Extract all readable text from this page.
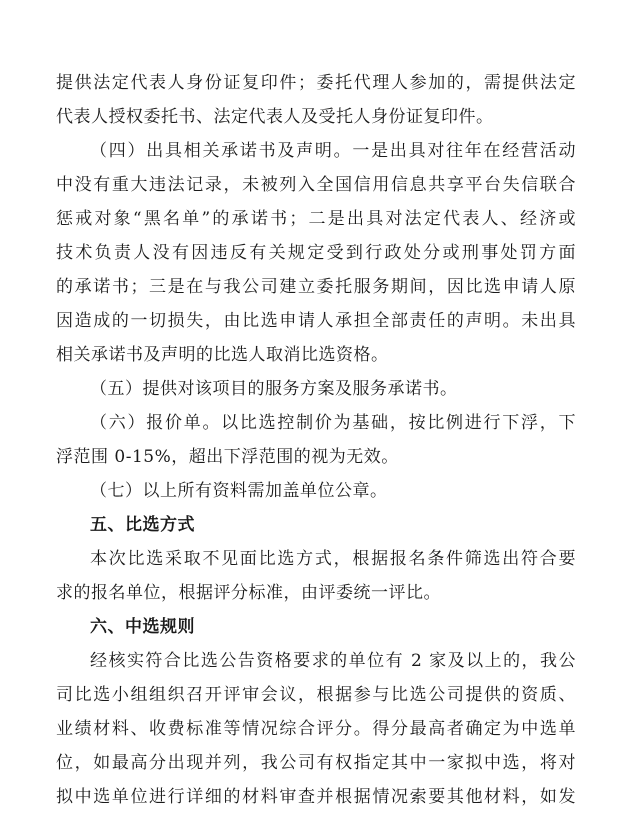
提供法定代表人身份证复印件；委托代理人参加的，需提供法定
代表人授权委托书、法定代表人及受托人身份证复印件。
（四）出具相关承诺书及声明。一是出具对往年在经营活动
中没有重大违法记录，未被列入全国信用信息共享平台失信联合
惩戒对象“黑名单”的承诺书；二是出具对法定代表人、经济或
技术负责人没有因违反有关规定受到行政处分或刑事处罚方面
的承诺书；三是在与我公司建立委托服务期间，因比选申请人原
因造成的一切损失，由比选申请人承担全部责任的声明。未出具
相关承诺书及声明的比选人取消比选资格。
（五）提供对该项目的服务方案及服务承诺书。
（六）报价单。以比选控制价为基础，按比例进行下浮，下
浮范围 0-15%，超出下浮范围的视为无效。
（七）以上所有资料需加盖单位公章。
五、比选方式
本次比选采取不见面比选方式，根据报名条件筛选出符合要
求的报名单位，根据评分标准，由评委统一评比。
六、中选规则
经核实符合比选公告资格要求的单位有 2 家及以上的，我公
司比选小组组织召开评审会议，根据参与比选公司提供的资质、
业绩材料、收费标准等情况综合评分。得分最高者确定为中选单
位，如最高分出现并列，我公司有权指定其中一家拟中选，将对
拟中选单位进行详细的材料审查并根据情况索要其他材料，如发
